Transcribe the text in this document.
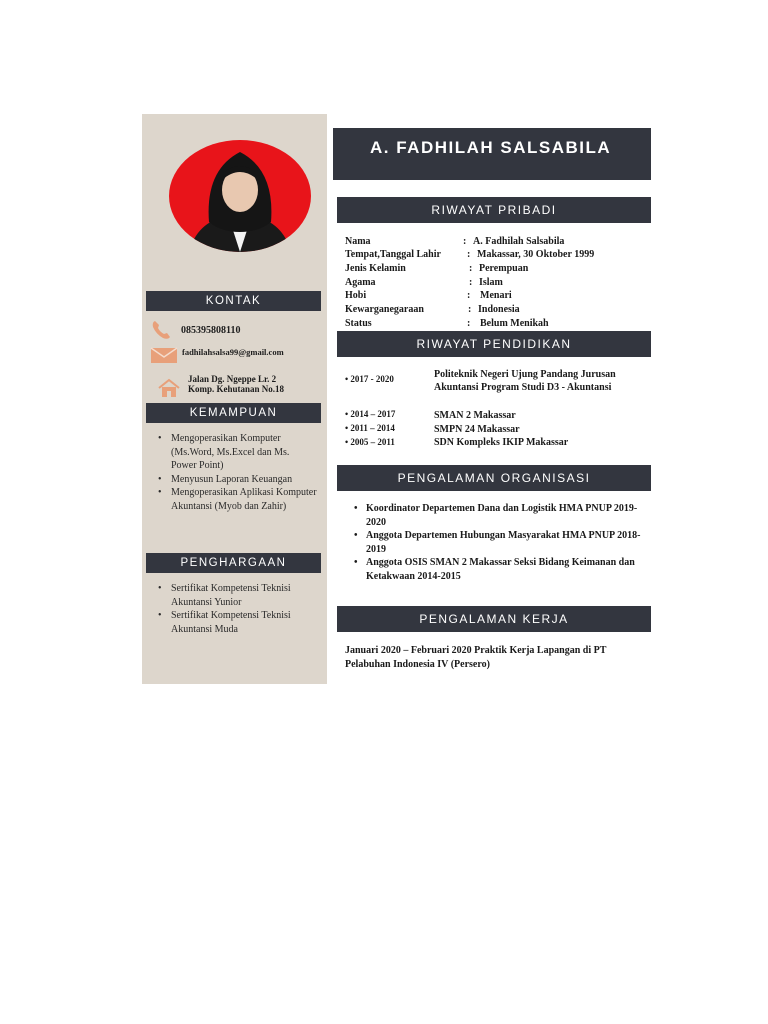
KONTAK
085395808110
fadhilahsalsa99@gmail.com
Jalan Dg. Ngeppe Lr. 2
Komp. Kehutanan No.18
KEMAMPUAN
• Mengoperasikan Komputer (Ms.Word, Ms.Excel dan Ms. Power Point)
• Menyusun Laporan Keuangan
• Mengoperasikan Aplikasi Komputer Akuntansi (Myob dan Zahir)
PENGHARGAAN
• Sertifikat Kompetensi Teknisi Akuntansi Yunior
• Sertifikat Kompetensi Teknisi Akuntansi Muda
A. FADHILAH SALSABILA
RIWAYAT PRIBADI
Nama	: A. Fadhilah Salsabila
Tempat,Tanggal Lahir	: Makassar, 30 Oktober 1999
Jenis Kelamin	: Perempuan
Agama	: Islam
Hobi	: Menari
Kewarganegaraan	: Indonesia
Status	: Belum Menikah
RIWAYAT PENDIDIKAN
• 2017 - 2020	Politeknik Negeri Ujung Pandang Jurusan Akuntansi Program Studi D3 - Akuntansi
• 2014 – 2017	SMAN 2 Makassar
• 2011 – 2014	SMPN 24 Makassar
• 2005 – 2011	SDN Kompleks IKIP Makassar
PENGALAMAN ORGANISASI
• Koordinator Departemen Dana dan Logistik HMA PNUP 2019-2020
• Anggota Departemen Hubungan Masyarakat HMA PNUP 2018-2019
• Anggota OSIS SMAN 2 Makassar Seksi Bidang Keimanan dan Ketakwaan 2014-2015
PENGALAMAN KERJA
Januari 2020 – Februari 2020 Praktik Kerja Lapangan di PT Pelabuhan Indonesia IV (Persero)
